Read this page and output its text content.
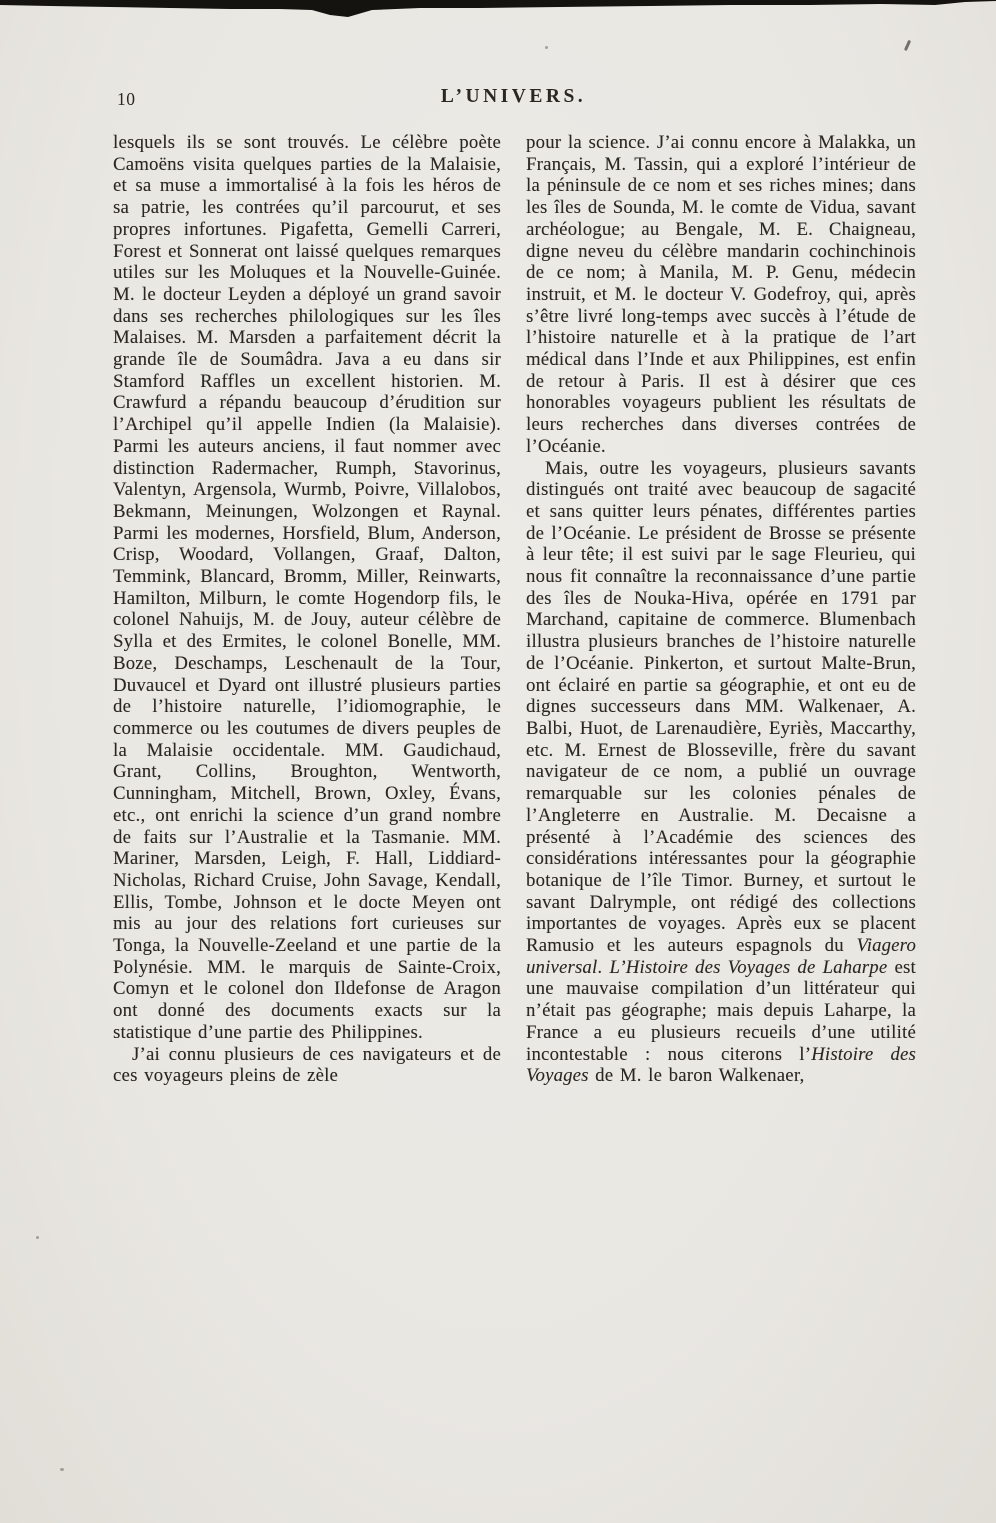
10	L’UNIVERS.

lesquels ils se sont trouvés. Le célèbre poète Camoëns visita quelques parties de la Malaisie, et sa muse a immortalisé à la fois les héros de sa patrie, les contrées qu’il parcourut, et ses propres infortunes. Pigafetta, Gemelli Carreri, Forest et Sonnerat ont laissé quelques remarques utiles sur les Moluques et la Nouvelle-Guinée. M. le docteur Leyden a déployé un grand savoir dans ses recherches philologiques sur les îles Malaises. M. Marsden a parfaitement décrit la grande île de Soumâdra. Java a eu dans sir Stamford Raffles un excellent historien. M. Crawfurd a répandu beaucoup d’érudition sur l’Archipel qu’il appelle Indien (la Malaisie). Parmi les auteurs anciens, il faut nommer avec distinction Radermacher, Rumph, Stavorinus, Valentyn, Argensola, Wurmb, Poivre, Villalobos, Bekmann, Meinungen, Wolzongen et Raynal. Parmi les modernes, Horsfield, Blum, Anderson, Crisp, Woodard, Vollangen, Graaf, Dalton, Temmink, Blancard, Bromm, Miller, Reinwarts, Hamilton, Milburn, le comte Hogendorp fils, le colonel Nahuijs, M. de Jouy, auteur célèbre de Sylla et des Ermites, le colonel Bonelle, MM. Boze, Deschamps, Leschenault de la Tour, Duvaucel et Dyard ont illustré plusieurs parties de l’histoire naturelle, l’idiomographie, le commerce ou les coutumes de divers peuples de la Malaisie occidentale. MM. Gaudichaud, Grant, Collins, Broughton, Wentworth, Cunningham, Mitchell, Brown, Oxley, Évans, etc., ont enrichi la science d’un grand nombre de faits sur l’Australie et la Tasmanie. MM. Mariner, Marsden, Leigh, F. Hall, Liddiard-Nicholas, Richard Cruise, John Savage, Kendall, Ellis, Tombe, Johnson et le docte Meyen ont mis au jour des relations fort curieuses sur Tonga, la Nouvelle-Zeeland et une partie de la Polynésie. MM. le marquis de Sainte-Croix, Comyn et le colonel don Ildefonse de Aragon ont donné des documents exacts sur la statistique d’une partie des Philippines.

J’ai connu plusieurs de ces navigateurs et de ces voyageurs pleins de zèle

pour la science. J’ai connu encore à Malakka, un Français, M. Tassin, qui a exploré l’intérieur de la péninsule de ce nom et ses riches mines; dans les îles de Sounda, M. le comte de Vidua, savant archéologue; au Bengale, M. E. Chaigneau, digne neveu du célèbre mandarin cochinchinois de ce nom; à Manila, M. P. Genu, médecin instruit, et M. le docteur V. Godefroy, qui, après s’être livré long-temps avec succès à l’étude de l’histoire naturelle et à la pratique de l’art médical dans l’Inde et aux Philippines, est enfin de retour à Paris. Il est à désirer que ces honorables voyageurs publient les résultats de leurs recherches dans diverses contrées de l’Océanie.

Mais, outre les voyageurs, plusieurs savants distingués ont traité avec beaucoup de sagacité et sans quitter leurs pénates, différentes parties de l’Océanie. Le président de Brosse se présente à leur tête; il est suivi par le sage Fleurieu, qui nous fit connaître la reconnaissance d’une partie des îles de Nouka-Hiva, opérée en 1791 par Marchand, capitaine de commerce. Blumenbach illustra plusieurs branches de l’histoire naturelle de l’Océanie. Pinkerton, et surtout Malte-Brun, ont éclairé en partie sa géographie, et ont eu de dignes successeurs dans MM. Walkenaer, A. Balbi, Huot, de Larenaudière, Eyriès, Maccarthy, etc. M. Ernest de Blosseville, frère du savant navigateur de ce nom, a publié un ouvrage remarquable sur les colonies pénales de l’Angleterre en Australie. M. Decaisne a présenté à l’Académie des sciences des considérations intéressantes pour la géographie botanique de l’île Timor. Burney, et surtout le savant Dalrymple, ont rédigé des collections importantes de voyages. Après eux se placent Ramusio et les auteurs espagnols du Viagero universal. L’Histoire des Voyages de Laharpe est une mauvaise compilation d’un littérateur qui n’était pas géographe; mais depuis Laharpe, la France a eu plusieurs recueils d’une utilité incontestable : nous citerons l’Histoire des Voyages de M. le baron Walkenaer,
